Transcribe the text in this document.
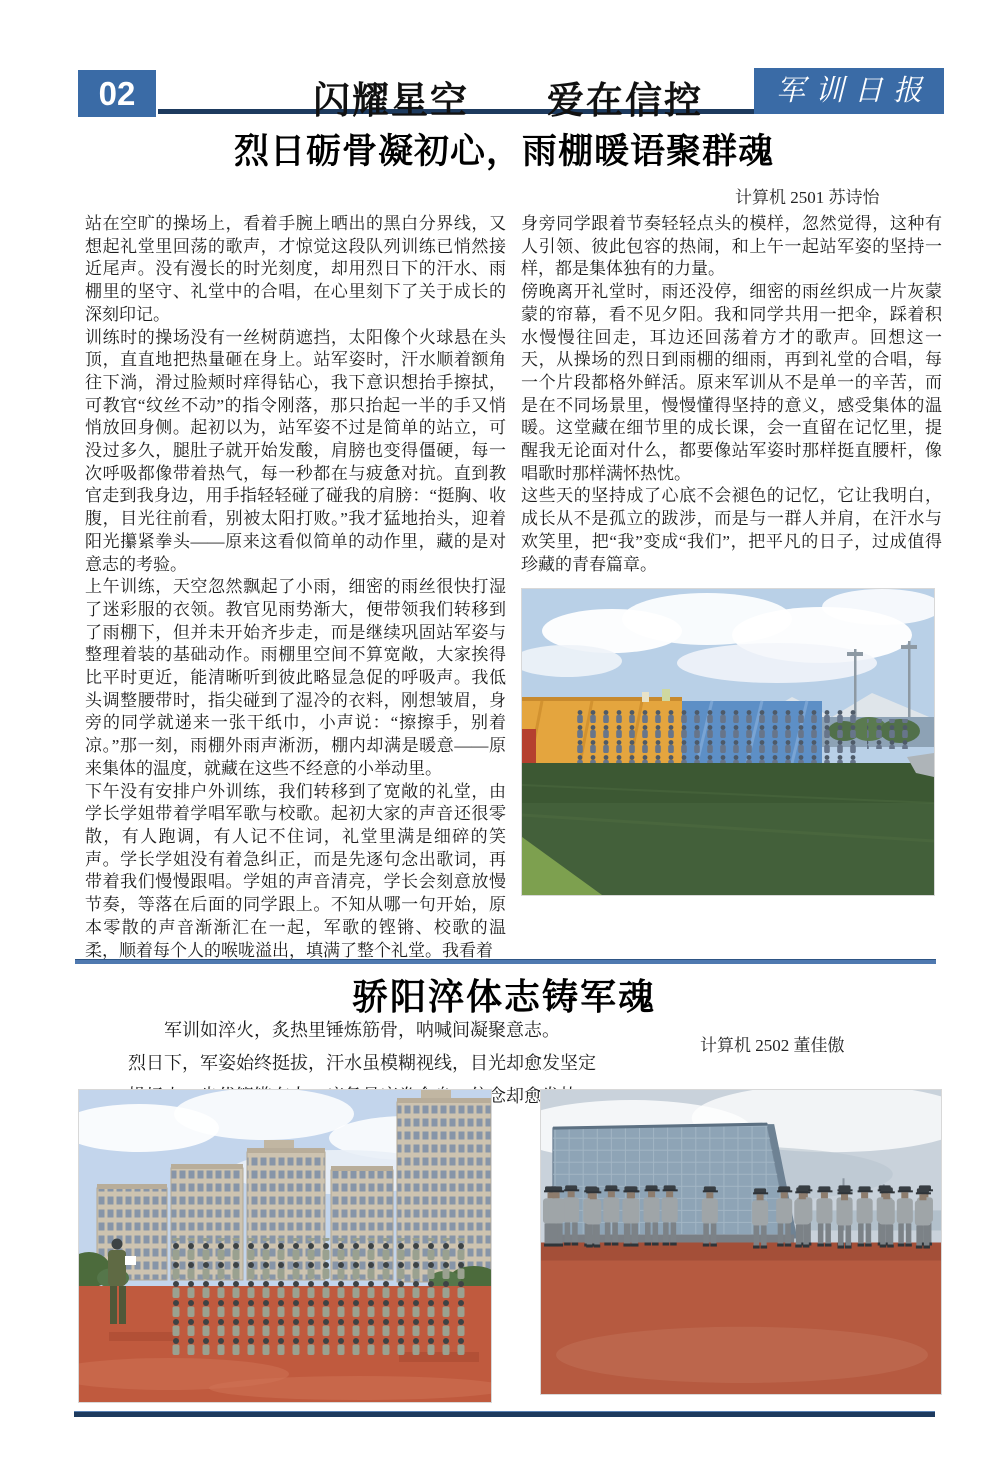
02	闪耀星空　　爱在信控	军训日报
烈日砺骨凝初心，雨棚暖语聚群魂
计算机 2501 苏诗怡

站在空旷的操场上，看着手腕上晒出的黑白分界线，又想起礼堂里回荡的歌声，才惊觉这段队列训练已悄然接近尾声。没有漫长的时光刻度，却用烈日下的汗水、雨棚里的坚守、礼堂中的合唱，在心里刻下了关于成长的深刻印记。

训练时的操场没有一丝树荫遮挡，太阳像个火球悬在头顶，直直地把热量砸在身上。站军姿时，汗水顺着额角往下淌，滑过脸颊时痒得钻心，我下意识想抬手擦拭，可教官“纹丝不动”的指令刚落，那只抬起一半的手又悄悄放回身侧。起初以为，站军姿不过是简单的站立，可没过多久，腿肚子就开始发酸，肩膀也变得僵硬，每一次呼吸都像带着热气，每一秒都在与疲惫对抗。直到教官走到我身边，用手指轻轻碰了碰我的肩膀：“挺胸、收腹，目光往前看，别被太阳打败。”我才猛地抬头，迎着阳光攥紧拳头——原来这看似简单的动作里，藏的是对意志的考验。

上午训练，天空忽然飘起了小雨，细密的雨丝很快打湿了迷彩服的衣领。教官见雨势渐大，便带领我们转移到了雨棚下，但并未开始齐步走，而是继续巩固站军姿与整理着装的基础动作。雨棚里空间不算宽敞，大家挨得比平时更近，能清晰听到彼此略显急促的呼吸声。我低头调整腰带时，指尖碰到了湿冷的衣料，刚想皱眉，身旁的同学就递来一张干纸巾，小声说：“擦擦手，别着凉。”那一刻，雨棚外雨声淅沥，棚内却满是暖意——原来集体的温度，就藏在这些不经意的小举动里。

下午没有安排户外训练，我们转移到了宽敞的礼堂，由学长学姐带着学唱军歌与校歌。起初大家的声音还很零散，有人跑调，有人记不住词，礼堂里满是细碎的笑声。学长学姐没有着急纠正，而是先逐句念出歌词，再带着我们慢慢跟唱。学姐的声音清亮，学长会刻意放慢节奏，等落在后面的同学跟上。不知从哪一句开始，原本零散的声音渐渐汇在一起，军歌的铿锵、校歌的温柔，顺着每个人的喉咙溢出，填满了整个礼堂。我看着

身旁同学跟着节奏轻轻点头的模样，忽然觉得，这种有人引领、彼此包容的热闹，和上午一起站军姿的坚持一样，都是集体独有的力量。

傍晚离开礼堂时，雨还没停，细密的雨丝织成一片灰蒙蒙的帘幕，看不见夕阳。我和同学共用一把伞，踩着积水慢慢往回走，耳边还回荡着方才的歌声。回想这一天，从操场的烈日到雨棚的细雨，再到礼堂的合唱，每一个片段都格外鲜活。原来军训从不是单一的辛苦，而是在不同场景里，慢慢懂得坚持的意义，感受集体的温暖。这堂藏在细节里的成长课，会一直留在记忆里，提醒我无论面对什么，都要像站军姿时那样挺直腰杆，像唱歌时那样满怀热忱。

这些天的坚持成了心底不会褪色的记忆，它让我明白，成长从不是孤立的跋涉，而是与一群人并肩，在汗水与欢笑里，把“我”变成“我们”，把平凡的日子，过成值得珍藏的青春篇章。

骄阳淬体志铸军魂
军训如淬火，炙热里锤炼筋骨，呐喊间凝聚意志。
烈日下，军姿始终挺拔，汗水虽模糊视线，目光却愈发坚定
计算机 2502 董佳傲
